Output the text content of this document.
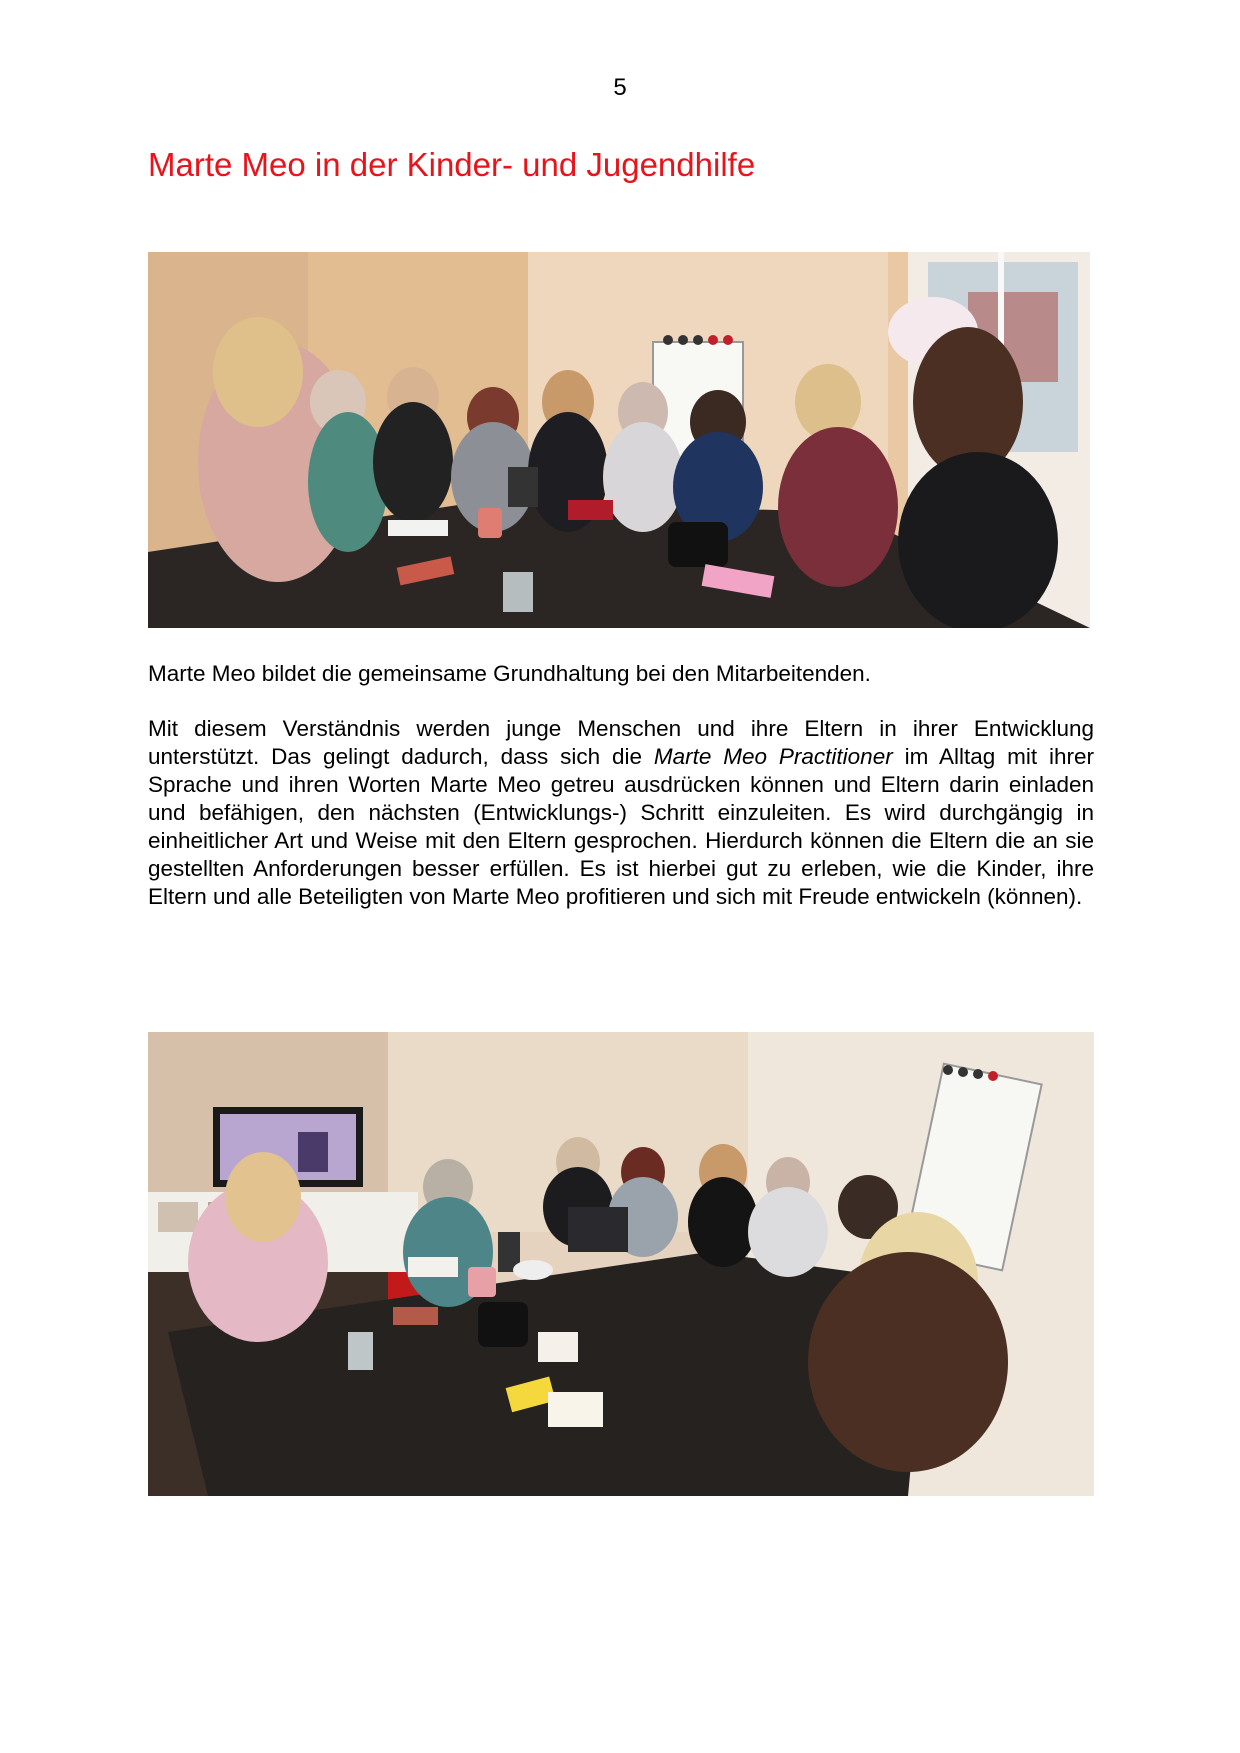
5
Marte Meo in der Kinder- und Jugendhilfe

Marte Meo bildet die gemeinsame Grundhaltung bei den Mitarbeitenden.

Mit diesem Verständnis werden junge Menschen und ihre Eltern in ihrer Entwicklung unterstützt. Das gelingt dadurch, dass sich die Marte Meo Practitioner im Alltag mit ihrer Sprache und ihren Worten Marte Meo getreu ausdrücken können und Eltern darin einladen und befähigen, den nächsten (Entwicklungs-) Schritt einzuleiten. Es wird durchgängig in einheitlicher Art und Weise mit den Eltern gesprochen. Hierdurch können die Eltern die an sie gestellten Anforderungen besser erfüllen. Es ist hierbei gut zu erleben, wie die Kinder, ihre Eltern und alle Beteiligten von Marte Meo profitieren und sich mit Freude entwickeln (können).
